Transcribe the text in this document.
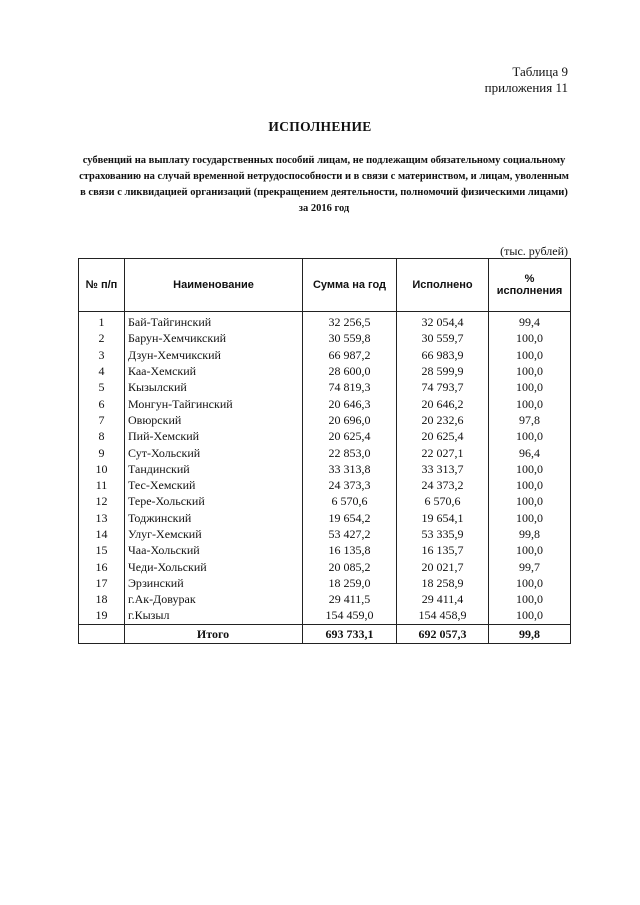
Таблица 9
приложения 11
ИСПОЛНЕНИЕ
субвенций на выплату государственных пособий лицам, не подлежащим обязательному социальному страхованию на случай временной нетрудоспособности и в связи с материнством, и лицам, уволенным в связи с ликвидацией организаций (прекращением деятельности, полномочий физическими лицами) за 2016 год
(тыс. рублей)
№ п/п	Наименование	Сумма на год	Исполнено	% исполнения
1	Бай-Тайгинский	32 256,5	32 054,4	99,4
2	Барун-Хемчикский	30 559,8	30 559,7	100,0
3	Дзун-Хемчикский	66 987,2	66 983,9	100,0
4	Каа-Хемский	28 600,0	28 599,9	100,0
5	Кызылский	74 819,3	74 793,7	100,0
6	Монгун-Тайгинский	20 646,3	20 646,2	100,0
7	Овюрский	20 696,0	20 232,6	97,8
8	Пий-Хемский	20 625,4	20 625,4	100,0
9	Сут-Хольский	22 853,0	22 027,1	96,4
10	Тандинский	33 313,8	33 313,7	100,0
11	Тес-Хемский	24 373,3	24 373,2	100,0
12	Тере-Хольский	6 570,6	6 570,6	100,0
13	Тоджинский	19 654,2	19 654,1	100,0
14	Улуг-Хемский	53 427,2	53 335,9	99,8
15	Чаа-Хольский	16 135,8	16 135,7	100,0
16	Чеди-Хольский	20 085,2	20 021,7	99,7
17	Эрзинский	18 259,0	18 258,9	100,0
18	г.Ак-Довурак	29 411,5	29 411,4	100,0
19	г.Кызыл	154 459,0	154 458,9	100,0
	Итого	693 733,1	692 057,3	99,8
